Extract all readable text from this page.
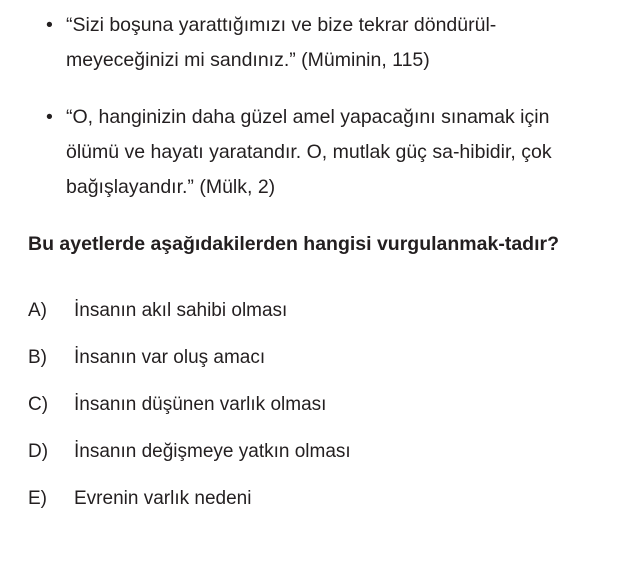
• “Sizi boşuna yarattığımızı ve bize tekrar döndürül-meyeceğinizi mi sandınız.” (Müminin, 115)
• “O, hanginizin daha güzel amel yapacağını sınamak için ölümü ve hayatı yaratandır. O, mutlak güç sa-hibidir, çok bağışlayandır.” (Mülk, 2)

Bu ayetlerde aşağıdakilerden hangisi vurgulanmak-tadır?

A)	İnsanın akıl sahibi olması
B)	İnsanın var oluş amacı
C)	İnsanın düşünen varlık olması
D)	İnsanın değişmeye yatkın olması
E)	Evrenin varlık nedeni
